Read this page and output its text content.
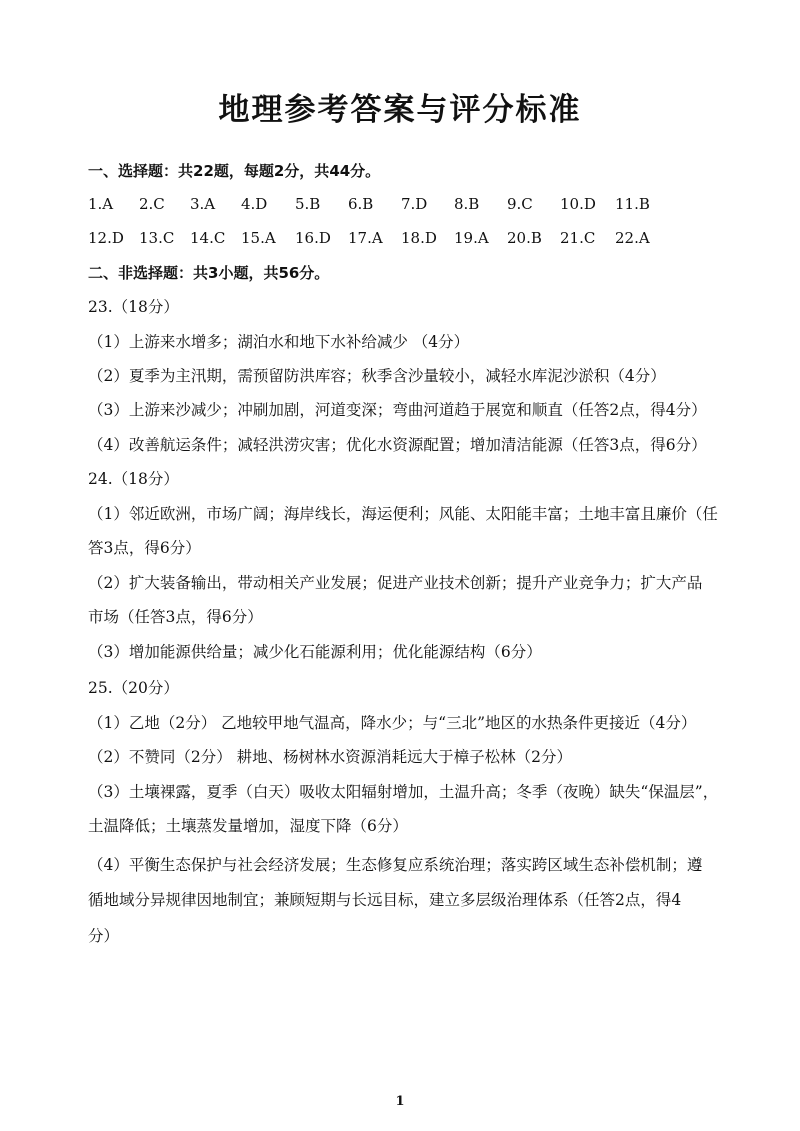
地理参考答案与评分标准
一、选择题：共22题，每题2分，共44分。
1.A 2.C 3.A 4.D 5.B 6.B 7.D 8.B 9.C 10.D 11.B
12.D 13.C 14.C 15.A 16.D 17.A 18.D 19.A 20.B 21.C 22.A
二、非选择题：共3小题，共56分。
23.（18分）
（1）上游来水增多；湖泊水和地下水补给减少 （4分）
（2）夏季为主汛期，需预留防洪库容；秋季含沙量较小，减轻水库泥沙淤积（4分）
（3）上游来沙减少；冲刷加剧，河道变深；弯曲河道趋于展宽和顺直（任答2点，得4分）
（4）改善航运条件；减轻洪涝灾害；优化水资源配置；增加清洁能源（任答3点，得6分）
24.（18分）
（1）邻近欧洲，市场广阔；海岸线长，海运便利；风能、太阳能丰富；土地丰富且廉价（任
答3点，得6分）
（2）扩大装备输出，带动相关产业发展；促进产业技术创新；提升产业竞争力；扩大产品
市场（任答3点，得6分）
（3）增加能源供给量；减少化石能源利用；优化能源结构（6分）
25.（20分）
（1）乙地（2分） 乙地较甲地气温高，降水少；与“三北”地区的水热条件更接近（4分）
（2）不赞同（2分） 耕地、杨树林水资源消耗远大于樟子松林（2分）
（3）土壤裸露，夏季（白天）吸收太阳辐射增加，土温升高；冬季（夜晚）缺失“保温层”，
土温降低；土壤蒸发量增加，湿度下降（6分）
（4）平衡生态保护与社会经济发展；生态修复应系统治理；落实跨区域生态补偿机制；遵
循地域分异规律因地制宜；兼顾短期与长远目标，建立多层级治理体系（任答2点，得4
分）
1
